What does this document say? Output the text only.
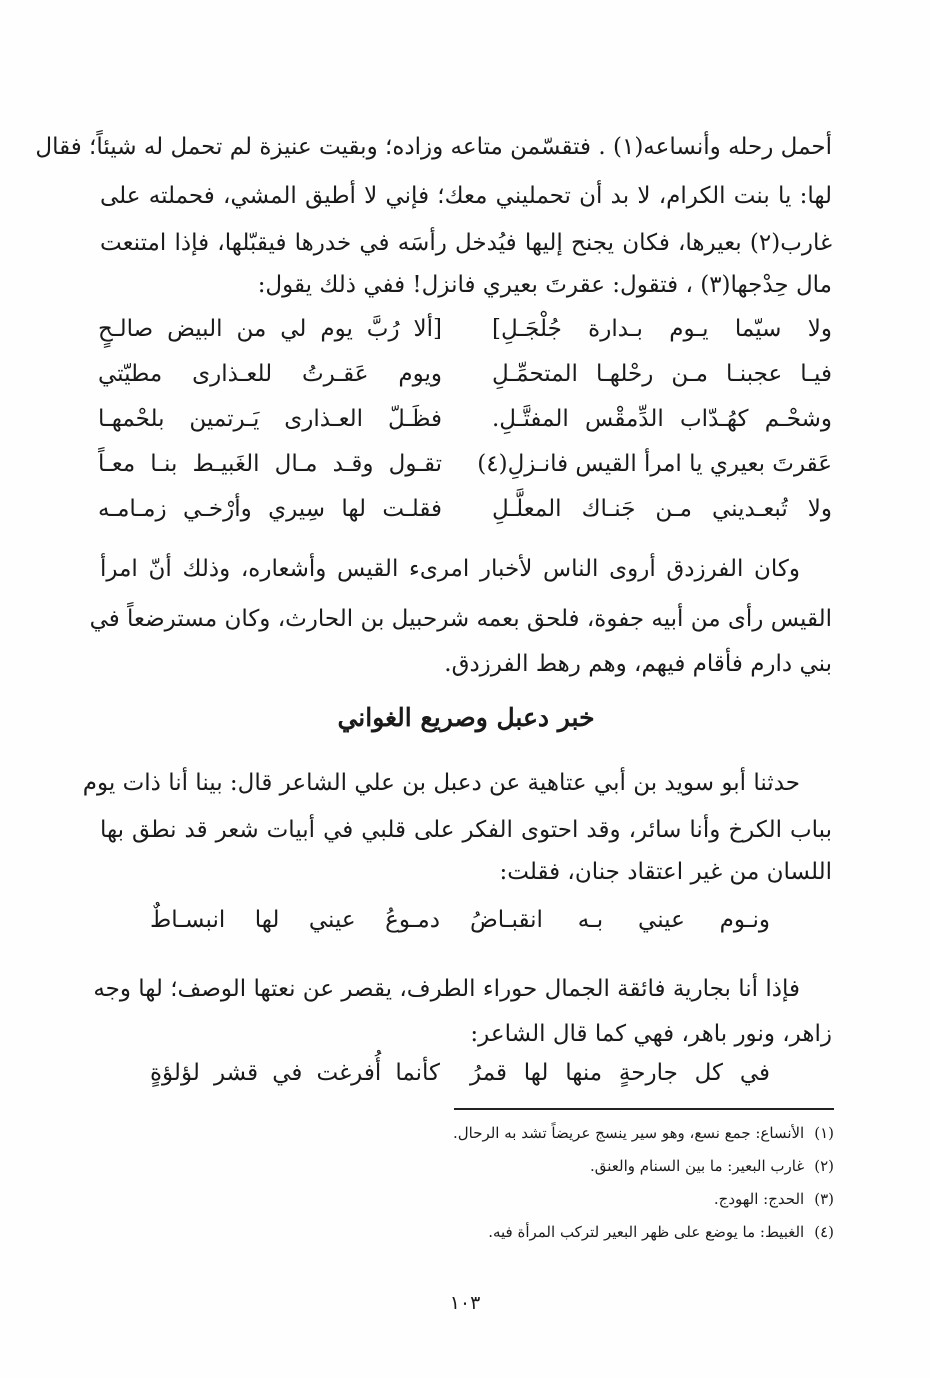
أحمل رحله وأنساعه(١) . فتقسّمن متاعه وزاده؛ وبقيت عنيزة لم تحمل له شيئاً؛ فقال
لها: يا بنت الكرام، لا بد أن تحمليني معك؛ فإني لا أطيق المشي، فحملته على
غارب(٢) بعيرها، فكان يجنح إليها فيُدخل رأسَه في خدرها فيقبّلها، فإذا امتنعت
مال حِدْجها(٣) ، فتقول: عقرتَ بعيري فانزل! ففي ذلك يقول:
[ألا رُبَّ يوم لي من البيض صالـحٍ ولا سيّما يـوم بـدارة جُلْجَـلِ]
ويوم عَقـرتُ للعـذارى مطيّتي فيـا عجبنـا مـن رحْلهـا المتحمِّـلِ
فظَـلّ العـذارى يَـرتمين بلحْمهـا وشحْـم كهُـدّاب الدِّمقْس المفتَّـلِ.
تقـول وقـد مـال الغَبيـط بنـا معـاً عَقرتَ بعيري يا امرأ القيس فانـزلِ(٤)
فقلـت لها سِيري وأرْخـي زمـامـه ولا تُبعـديني مـن جَنـاك المعلَّـلِ
وكان الفرزدق أروى الناس لأخبار امرىء القيس وأشعاره، وذلك أنّ امرأ
القيس رأى من أبيه جفوة، فلحق بعمه شرحبيل بن الحارث، وكان مسترضعاً في
بني دارم فأقام فيهم، وهم رهط الفرزدق.
خبر دعبل وصريع الغواني
حدثنا أبو سويد بن أبي عتاهية عن دعبل بن علي الشاعر قال: بينا أنا ذات يوم
بباب الكرخ وأنا سائر، وقد احتوى الفكر على قلبي في أبيات شعر قد نطق بها
اللسان من غير اعتقاد جنان، فقلت:
دمـوعُ عيني لها انبسـاطٌ ونـوم عيني بـه انقبـاضُ
فإذا أنا بجارية فائقة الجمال حوراء الطرف، يقصر عن نعتها الوصف؛ لها وجه
زاهر، ونور باهر، فهي كما قال الشاعر:
كأنما أُفرغت في قشر لؤلؤةٍ في كل جارحةٍ منها لها قمرُ
(١)الأنساع: جمع نسع، وهو سير ينسج عريضاً تشد به الرحال.
(٢)غارب البعير: ما بين السنام والعنق.
(٣)الحدج: الهودج.
(٤)الغبيط: ما يوضع على ظهر البعير لتركب المرأة فيه.
١٠٣
